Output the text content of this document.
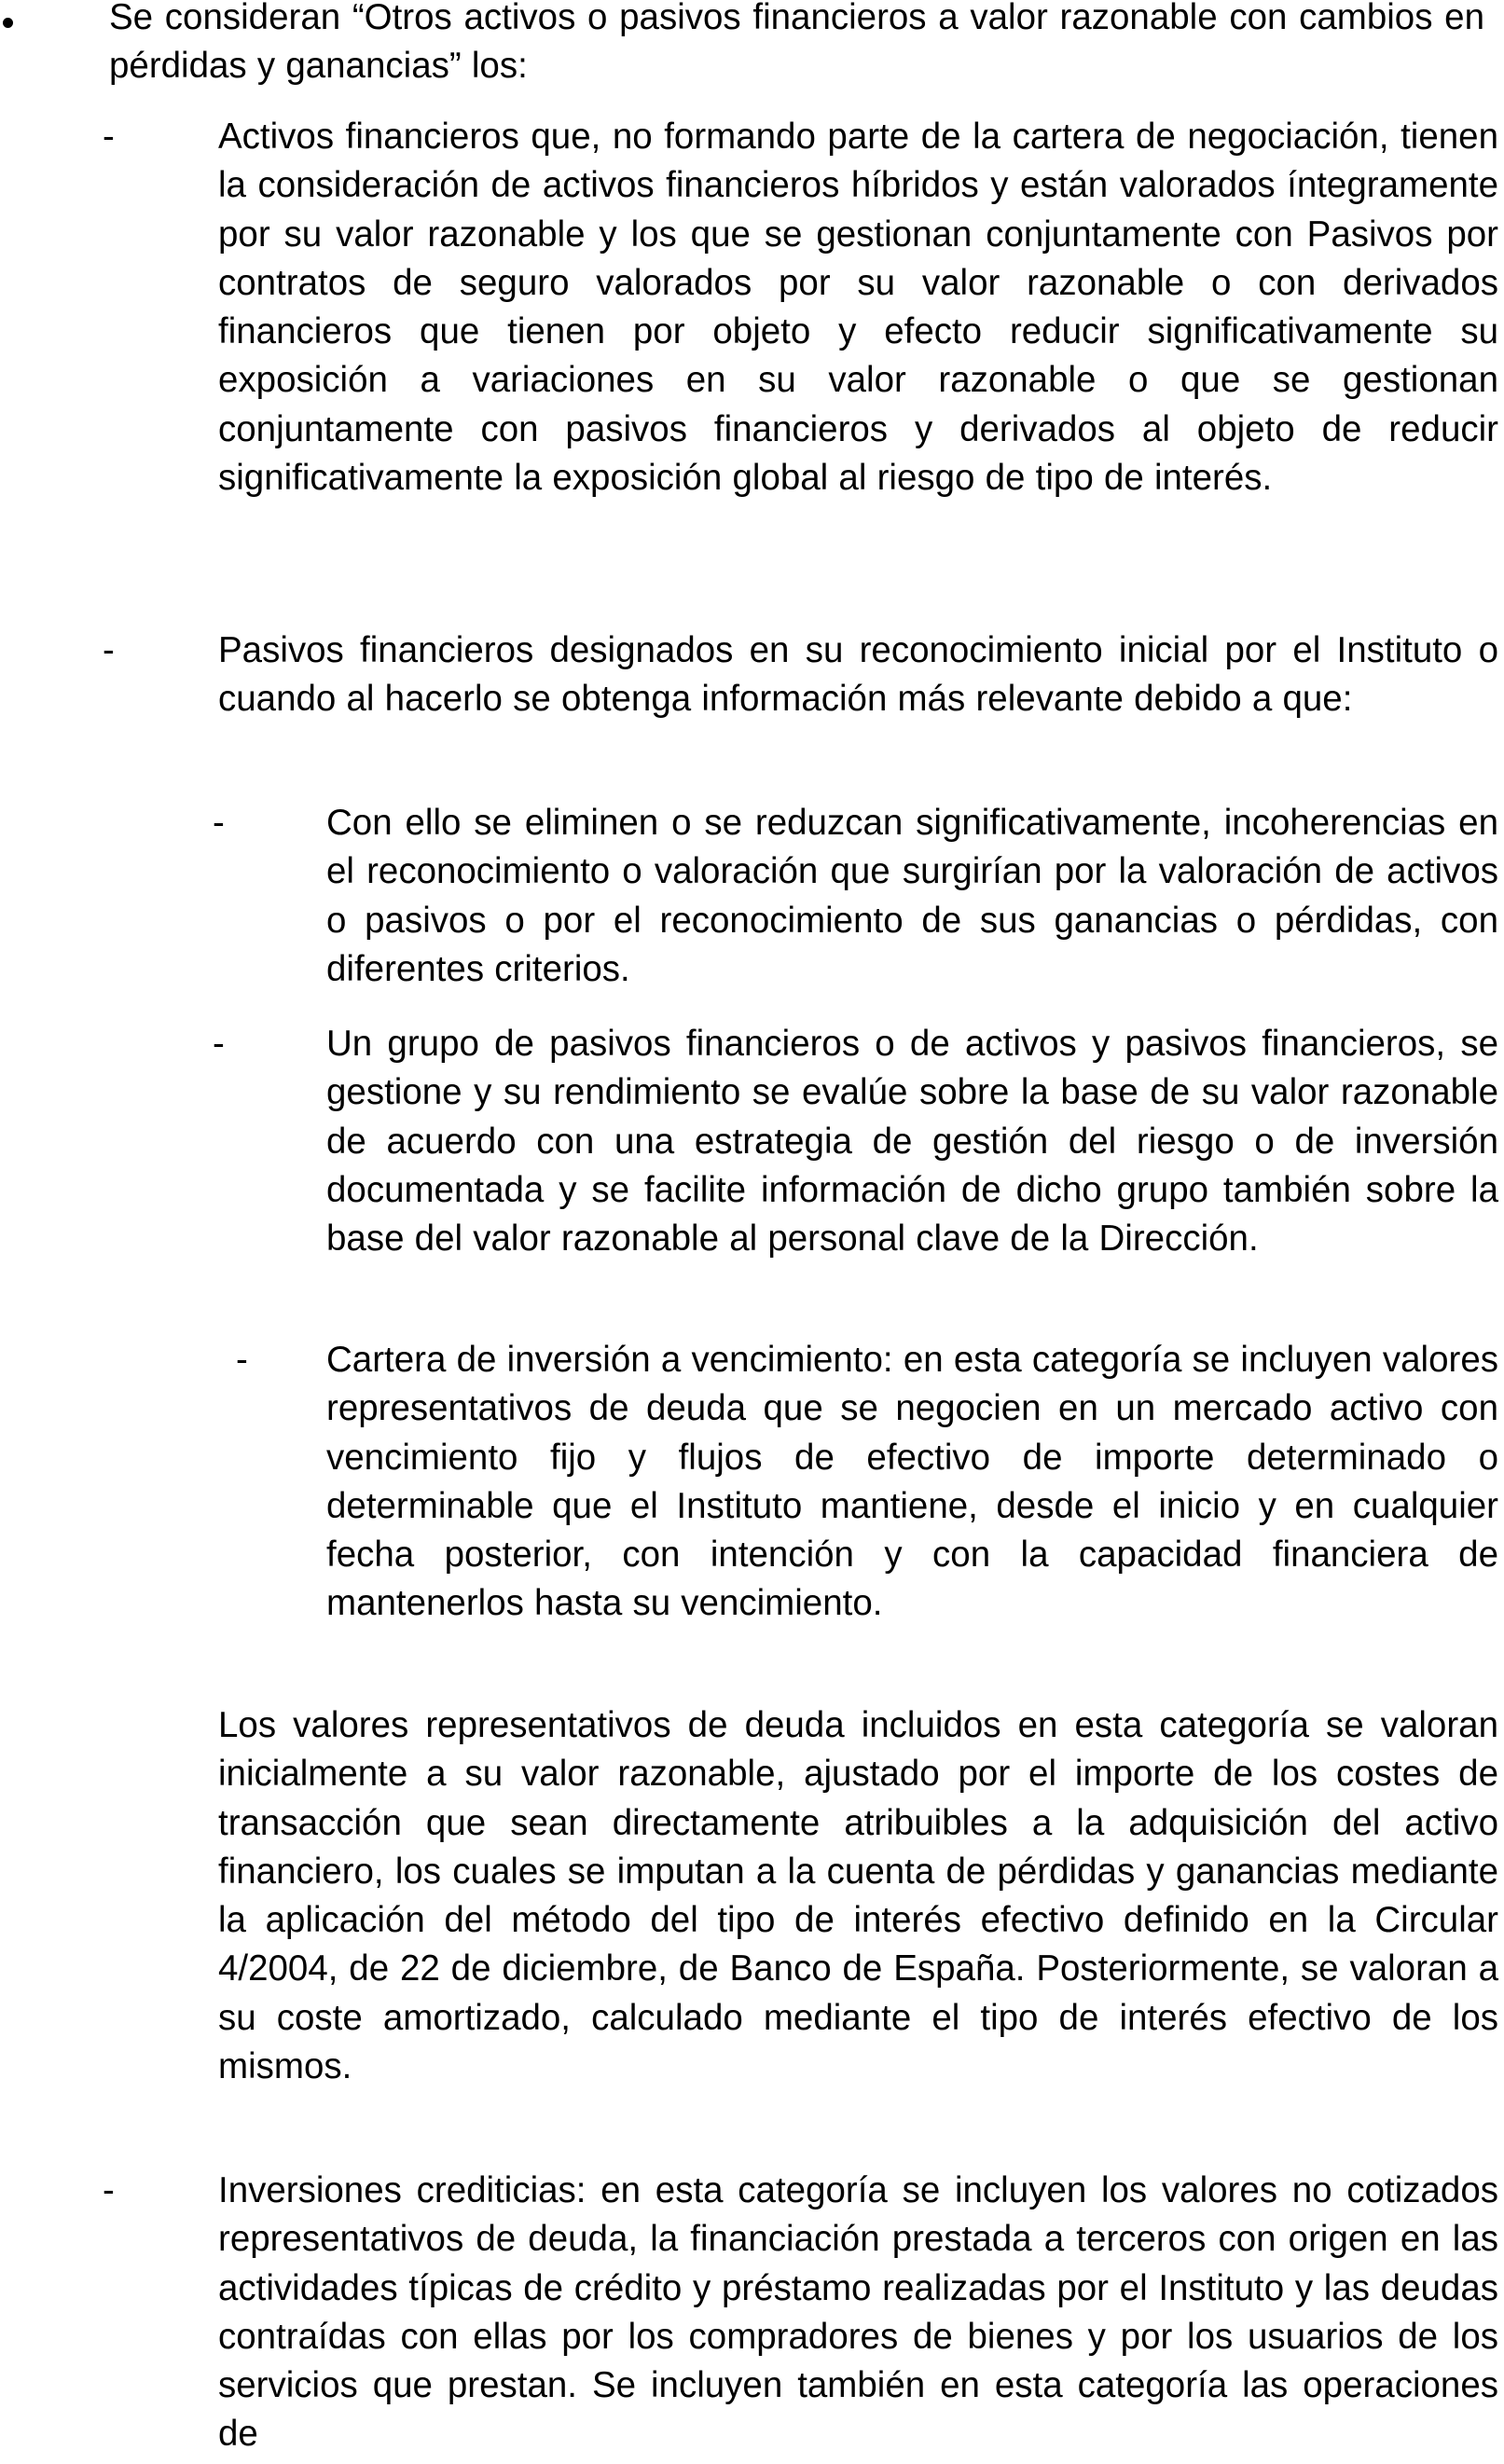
Se consideran “Otros activos o pasivos financieros a valor razonable con cambios en pérdidas y ganancias” los:

-	Activos financieros que, no formando parte de la cartera de negociación, tienen la consideración de activos financieros híbridos y están valorados íntegramente por su valor razonable y los que se gestionan conjuntamente con Pasivos por contratos de seguro valorados por su valor razonable o con derivados financieros que tienen por objeto y efecto reducir significativamente su exposición a variaciones en su valor razonable o que se gestionan conjuntamente con pasivos financieros y derivados al objeto de reducir significativamente la exposición global al riesgo de tipo de interés.

-	Pasivos financieros designados en su reconocimiento inicial por el Instituto o cuando al hacerlo se obtenga información más relevante debido a que:

-	Con ello se eliminen o se reduzcan significativamente, incoherencias en el reconocimiento o valoración que surgirían por la valoración de activos o pasivos o por el reconocimiento de sus ganancias o pérdidas, con diferentes criterios.

-	Un grupo de pasivos financieros o de activos y pasivos financieros, se gestione y su rendimiento se evalúe sobre la base de su valor razonable de acuerdo con una estrategia de gestión del riesgo o de inversión documentada y se facilite información de dicho grupo también sobre la base del valor razonable al personal clave de la Dirección.

- Cartera de inversión a vencimiento: en esta categoría se incluyen valores representativos de deuda que se negocien en un mercado activo con vencimiento fijo y flujos de efectivo de importe determinado o determinable que el Instituto mantiene, desde el inicio y en cualquier fecha posterior, con intención y con la capacidad financiera de mantenerlos hasta su vencimiento.

Los valores representativos de deuda incluidos en esta categoría se valoran inicialmente a su valor razonable, ajustado por el importe de los costes de transacción que sean directamente atribuibles a la adquisición del activo financiero, los cuales se imputan a la cuenta de pérdidas y ganancias mediante la aplicación del método del tipo de interés efectivo definido en la Circular 4/2004, de 22 de diciembre, de Banco de España. Posteriormente, se valoran a su coste amortizado, calculado mediante el tipo de interés efectivo de los mismos.

-	Inversiones crediticias: en esta categoría se incluyen los valores no cotizados representativos de deuda, la financiación prestada a terceros con origen en las actividades típicas de crédito y préstamo realizadas por el Instituto y las deudas contraídas con ellas por los compradores de bienes y por los usuarios de los servicios que prestan. Se incluyen también en esta categoría las operaciones de
